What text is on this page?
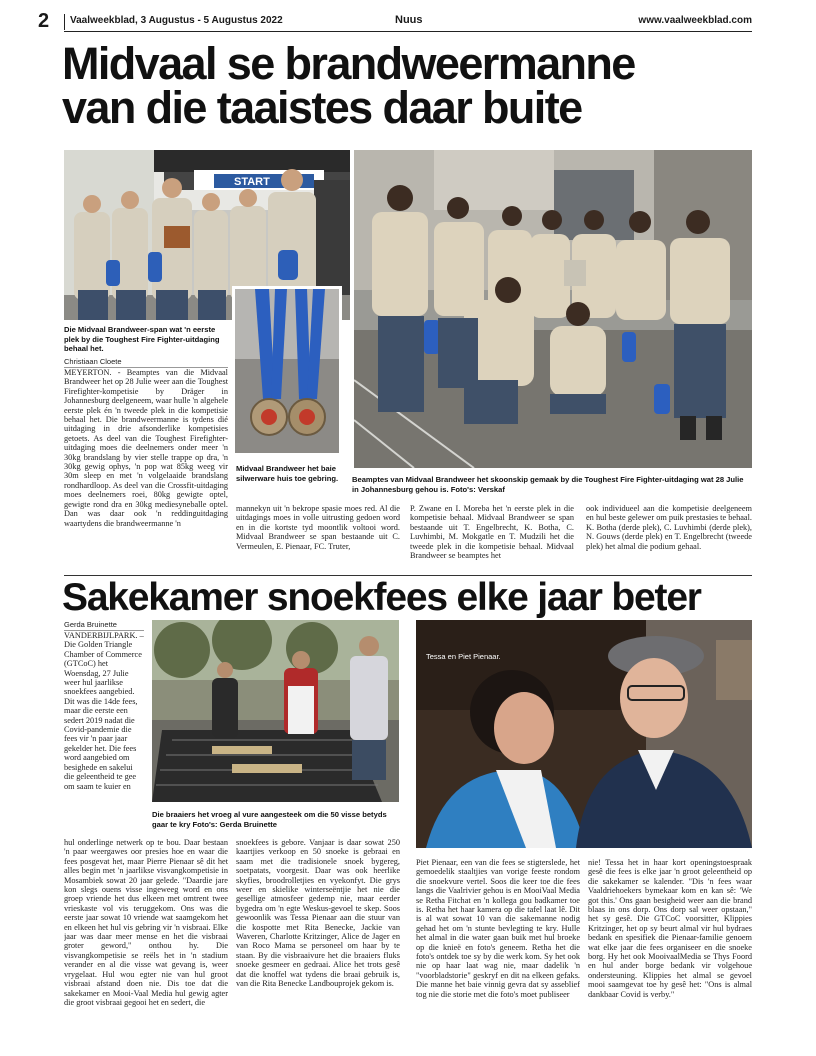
2 Vaalweekblad, 3 Augustus - 5 Augustus 2022	Nuus	www.vaalweekblad.com
Midvaal se brandweermanne
van die taaistes daar buite
START
Die Midvaal Brandweer-span wat 'n eerste plek by die Toughest Fire Fighter-uitdaging behaal het.
Christiaan Cloete
Midvaal Brandweer het baie silwerware huis toe gebring.	Beamptes van Midvaal Brandweer het skoonskip gemaak by die Toughest Fire Fighter-uitdaging wat 28 Julie in Johannesburg gehou is. Foto's: Verskaf

MEYERTON. - Beamptes van die Midvaal Brandweer het op 28 Julie weer aan die Toughest Firefighter-kompetisie by Dräger in Johannesburg deelgeneem, waar hulle 'n algehele eerste plek én 'n tweede plek in die kompetisie behaal het. Die brandweermanne is tydens dié uitdaging in drie afsonderlike kompetisies getoets. As deel van die Toughest Firefighter-uitdaging moes die deelnemers onder meer 'n 30kg brandslang by vier stelle trappe op dra, 'n 30kg gewig ophys, 'n pop wat 85kg weeg vir 30m sleep en met 'n volgelaaide brandslang rondhardloop. As deel van die Crossfit-uitdaging moes deelnemers roei, 80kg gewigte optel, gewigte rond dra en 30kg mediesyneballe optel. Dan was daar ook 'n reddinguitdaging waartydens die brandweermanne 'n

mannekyn uit 'n bekrope spasie moes red. Al die uitdagings moes in volle uitrusting gedoen word en in die kortste tyd moontlik voltooi word. Midvaal Brandweer se span bestaande uit C. Vermeulen, E. Pienaar, FC. Truter,

P. Zwane en I. Moreba het 'n eerste plek in die kompetisie behaal. Midvaal Brandweer se span bestaande uit T. Engelbrecht, K. Botha, C. Luvhimbi, M. Mokgatle en T. Mudzili het die tweede plek in die kompetisie behaal. Midvaal Brandweer se beamptes het

ook individueel aan die kompetisie deelgeneem en hul beste gelewer om puik prestasies te behaal. K. Botha (derde plek), C. Luvhimbi (derde plek), N. Gouws (derde plek) en T. Engelbrecht (tweede plek) het almal die podium gehaal.

Sakekamer snoekfees elke jaar beter
Gerda Bruinette

VANDERBIJLPARK. – Die Golden Triangle Chamber of Commerce (GTCoC) het Woensdag, 27 Julie weer hul jaarlikse snoekfees aangebied. Dit was die 14de fees, maar die eerste een sedert 2019 nadat die Covid-pandemie die fees vir 'n paar jaar gekelder het. Die fees word aangebied om besighede en sakelui die geleentheid te gee om saam te kuier en

Die braaiers het vroeg al vure aangesteek om die 50 visse betyds gaar te kry Foto's: Gerda Bruinette
Tessa en Piet Pienaar.

hul onderlinge netwerk op te bou. Daar bestaan 'n paar weergawes oor presies hoe en waar die fees posgevat het, maar Pierre Pienaar sê dit het alles begin met 'n jaarlikse visvangkompetisie in Mosambiek sowat 20 jaar gelede. "Daardie jare kon slegs ouens visse ingeweeg word en ons groep vriende het dus elkeen met omtrent twee vrieskaste vol vis teruggekom. Ons was die eerste jaar sowat 10 vriende wat saamgekom het en elkeen het hul vis gebring vir 'n visbraai. Elke jaar was daar meer mense en het die visbraai groter geword," onthou hy. Die visvangkompetisie se reëls het in 'n stadium verander en al die visse wat gevang is, weer vrygelaat. Hul wou egter nie van hul groot visbraai afstand doen nie. Dis toe dat die sakekamer en Mooi-Vaal Media hul gewig agter die groot visbraai gegooi het en sedert, die

snoekfees is gebore. Vanjaar is daar sowat 250 kaartjies verkoop en 50 snoeke is gebraai en saam met die tradisionele snoek bygereg, soetpatats, voorgesit. Daar was ook heerlike skyfies, broodrolletjies en vyekonfyt. Die grys weer en skielike winterseëntjie het nie die gesellige atmosfeer gedemp nie, maar eerder bygedra om 'n egte Weskus-gevoel te skep. Soos gewoonlik was Tessa Pienaar aan die stuur van die kospotte met Rita Benecke, Jackie van Waveren, Charlotte Kritzinger, Alice de Jager en van Roco Mama se personeel om haar by te staan. By die visbraaivure het die braaiers fluks snoeke gesmeer en gedraai. Alice het trots gesê dat die knoffel wat tydens die braai gebruik is, van die Rita Benecke Landbouprojek gekom is.

Piet Pienaar, een van die fees se stigterslede, het gemoedelik staaltjies van vorige feeste rondom die snoekvure vertel. Soos die keer toe die fees langs die Vaalrivier gehou is en MooiVaal Media se Retha Fitchat en 'n kollega gou badkamer toe is. Retha het haar kamera op die tafel laat lê. Dit is al wat sowat 10 van die sakemanne nodig gehad het om 'n stunte bevlegting te kry. Hulle het almal in die water gaan buik met hul broeke op die knieë en foto's geneem. Retha het die foto's ontdek toe sy by die werk kom. Sy het ook nie op haar laat wag nie, maar dadelik 'n "voorbladstorie" geskryf en dit na elkeen gefaks. Die manne het baie vinnig gevra dat sy asseblief tog nie die storie met die foto's moet publiseer

nie! Tessa het in haar kort openingstoespraak gesê die fees is elke jaar 'n groot geleentheid op die sakekamer se kalender. "Dis 'n fees waar Vaaldriehoekers bymekaar kom en kan sê: 'We got this.' Ons gaan besigheid weer aan die brand blaas in ons dorp. Ons dorp sal weer opstaan," het sy gesê. Die GTCoC voorsitter, Klippies Kritzinger, het op sy beurt almal vir hul bydraes bedank en spesifiek die Pienaar-familie genoem wat elke jaar die fees organiseer en die snoeke borg. Hy het ook MooivaalMedia se Thys Foord en hul ander borge bedank vir volgehoue ondersteuning. Klippies het almal se gevoel mooi saamgevat toe hy gesê het: "Ons is almal dankbaar Covid is verby."
